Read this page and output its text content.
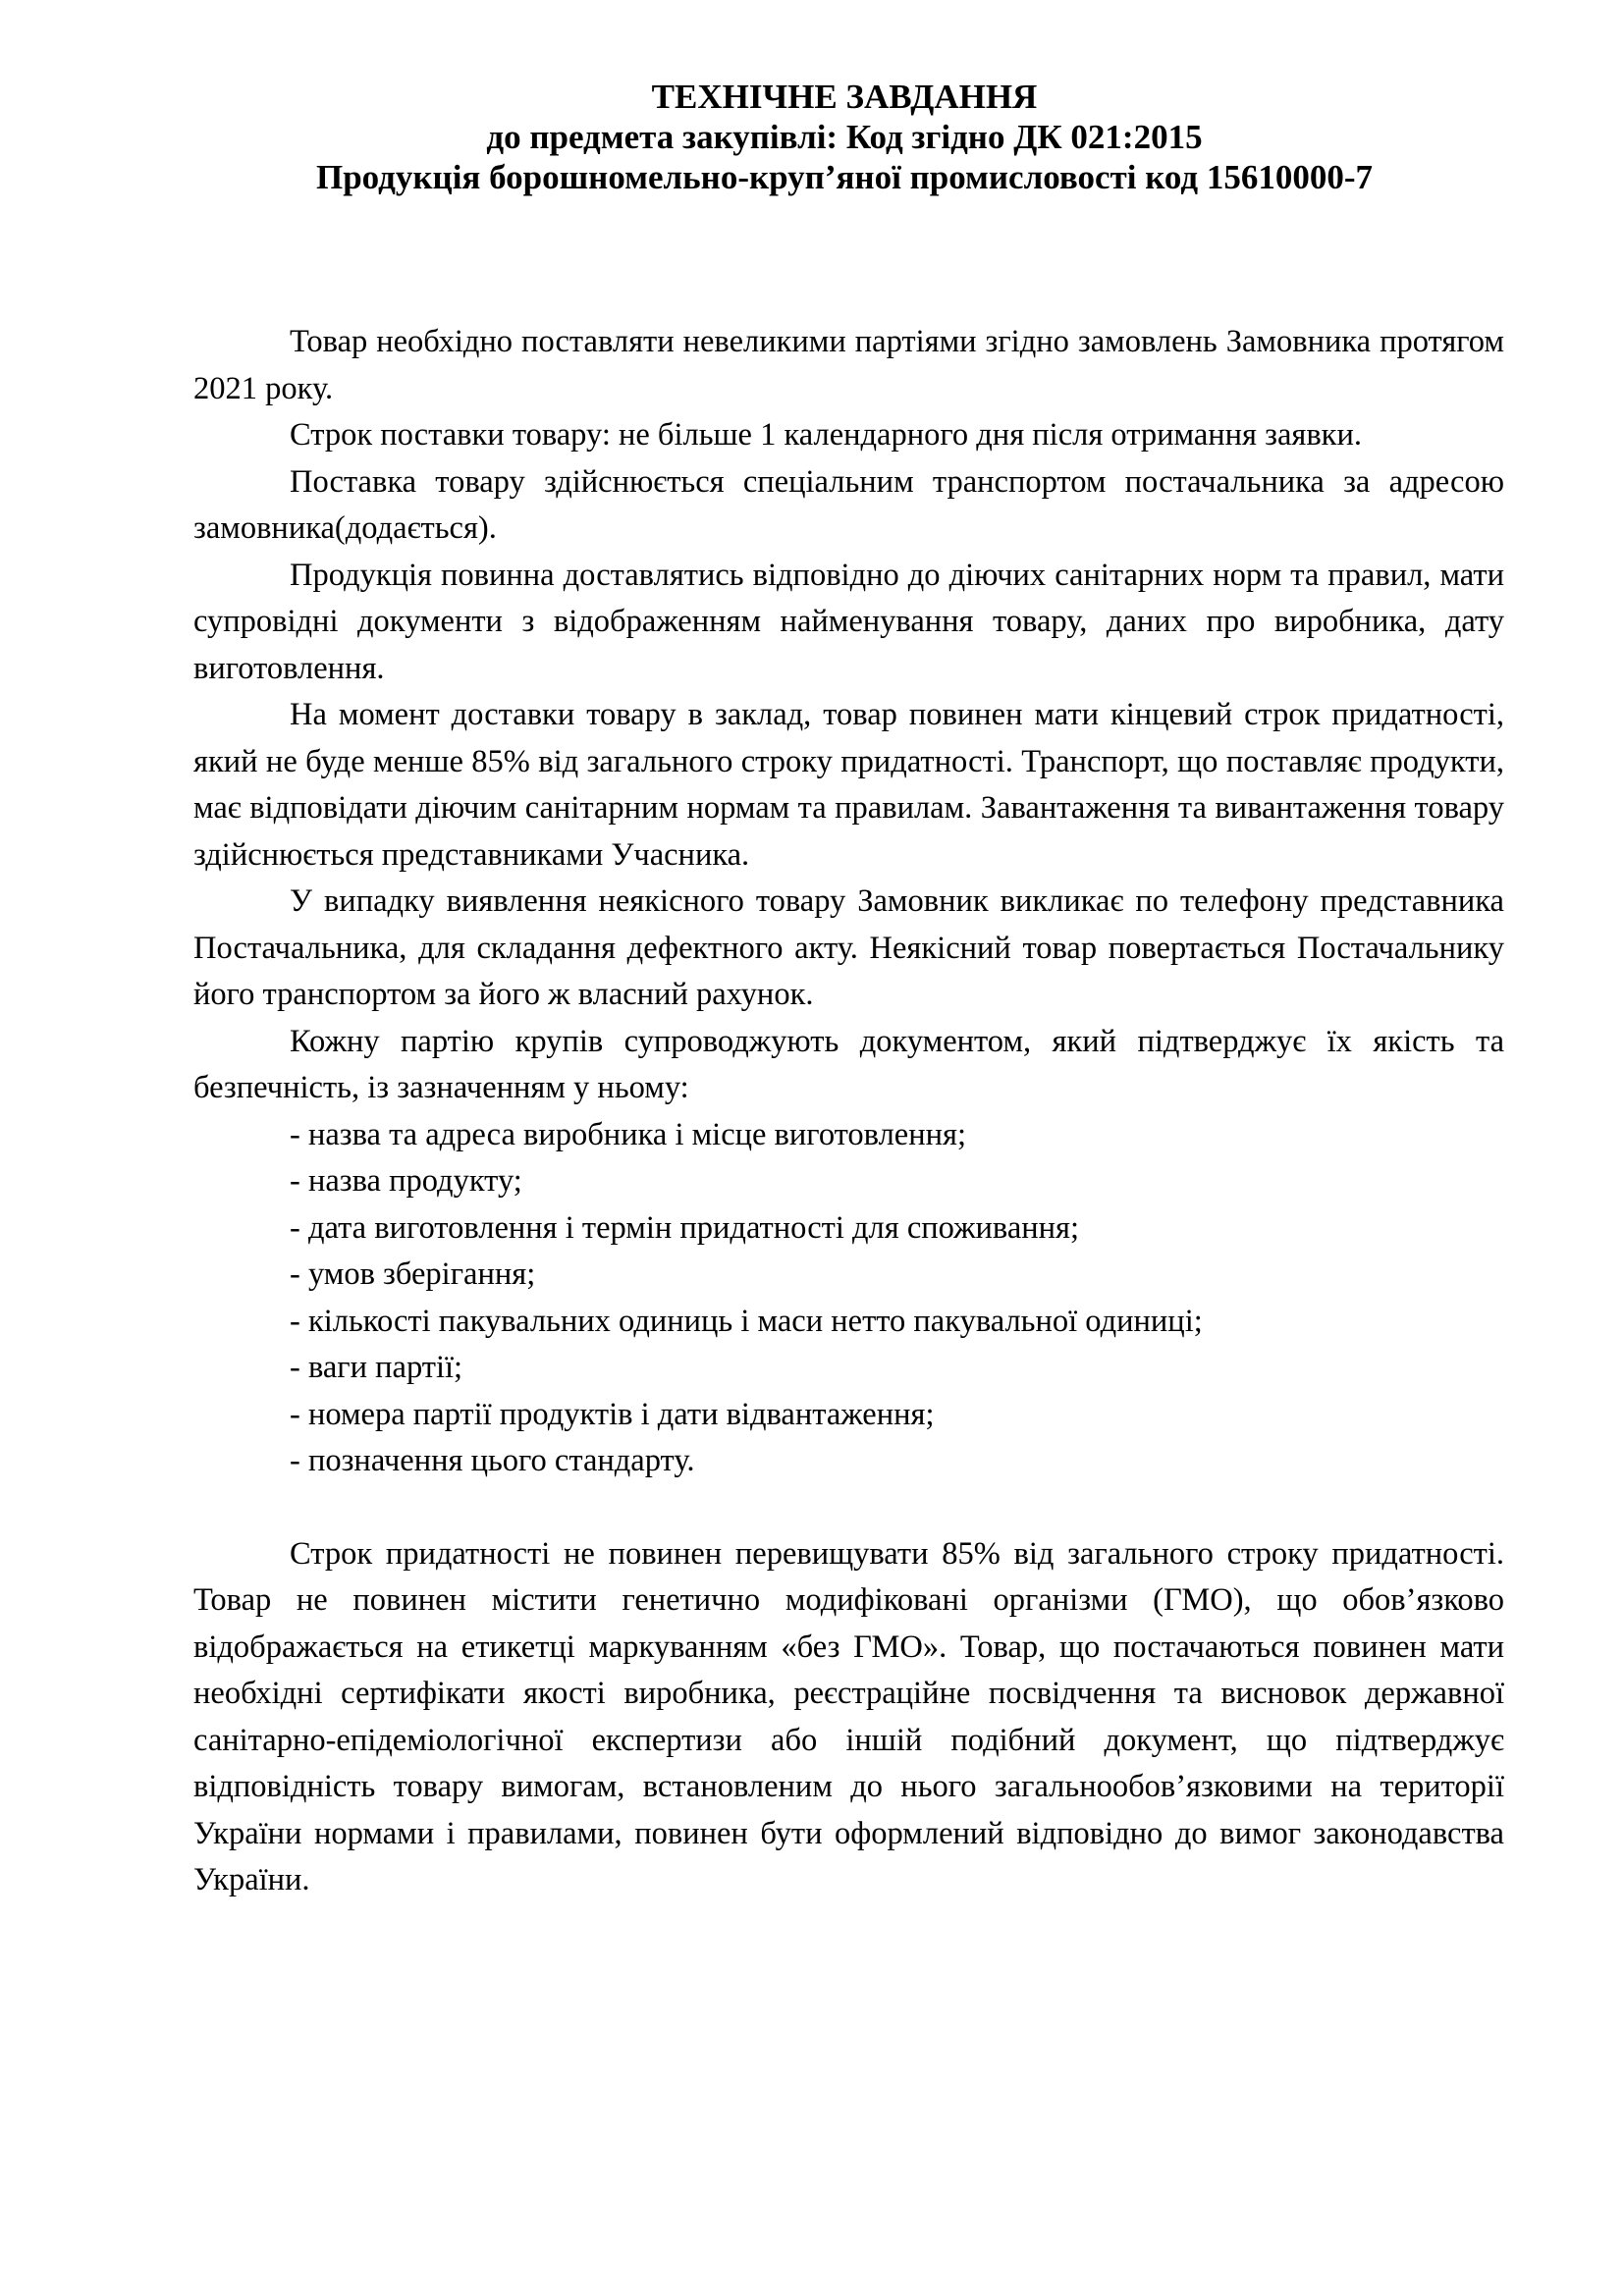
ТЕХНІЧНЕ ЗАВДАННЯ
до предмета закупівлі: Код згідно ДК 021:2015
Продукція борошномельно-круп’яної промисловості код 15610000-7

Товар необхідно поставляти невеликими партіями згідно замовлень Замовника протягом 2021 року.

Строк поставки товару: не більше 1 календарного дня після отримання заявки.

Поставка товару здійснюється спеціальним транспортом постачальника за адресою замовника(додається).

Продукція повинна доставлятись відповідно до діючих санітарних норм та правил, мати супровідні документи з відображенням найменування товару, даних про виробника, дату виготовлення.

На момент доставки товару в заклад, товар повинен мати кінцевий строк придатності, який не буде менше 85% від загального строку придатності. Транспорт, що поставляє продукти, має відповідати діючим санітарним нормам та правилам. Завантаження та вивантаження товару здійснюється представниками Учасника.

У випадку виявлення неякісного товару Замовник викликає по телефону представника Постачальника, для складання дефектного акту. Неякісний товар повертається Постачальнику його транспортом за його ж власний рахунок.

Кожну партію крупів супроводжують документом, який підтверджує їх якість та безпечність, із зазначенням у ньому:

- назва та адреса виробника і місце виготовлення;
- назва продукту;
- дата виготовлення і термін придатності для споживання;
- умов зберігання;
- кількості пакувальних одиниць і маси нетто пакувальної одиниці;
- ваги партії;
- номера партії продуктів і дати відвантаження;
- позначення цього стандарту.

Строк придатності не повинен перевищувати 85% від загального строку придатності. Товар не повинен містити генетично модифіковані організми (ГМО), що обов’язково відображається на етикетці маркуванням «без ГМО». Товар, що постачаються повинен мати необхідні сертифікати якості виробника, реєстраційне посвідчення та висновок державної санітарно-епідеміологічної експертизи або іншій подібний документ, що підтверджує відповідність товару вимогам, встановленим до нього загальнообов’язковими на території України нормами і правилами, повинен бути оформлений відповідно до вимог законодавства України.
